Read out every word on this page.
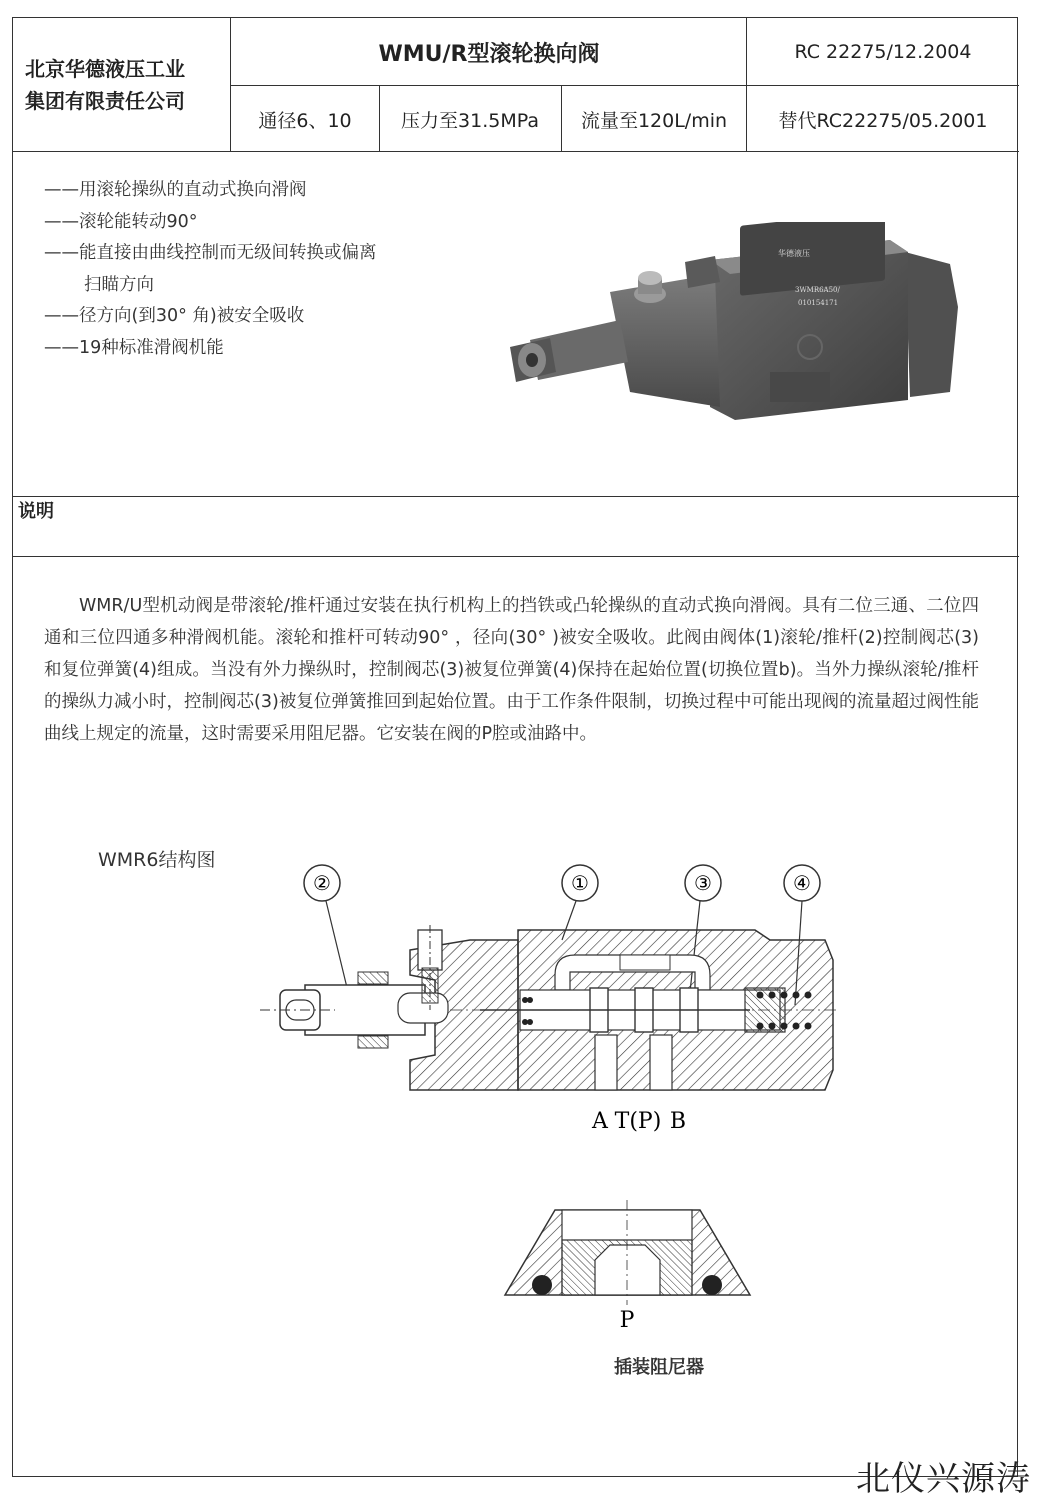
北京华德液压工业
集团有限责任公司
WMU/R型滚轮换向阀	RC 22275/12.2004
通径6、10	压力至31.5MPa	流量至120L/min	替代RC22275/05.2001
——用滚轮操纵的直动式换向滑阀
——滚轮能转动90°
——能直接由曲线控制而无级间转换或偏离
扫瞄方向
——径方向(到30° 角)被安全吸收
——19种标准滑阀机能
华德液压
3WMR6A50/
010154171
说明

WMR/U型机动阀是带滚轮/推杆通过安装在执行机构上的挡铁或凸轮操纵的直动式换向滑阀。具有二位三通、二位四通和三位四通多种滑阀机能。滚轮和推杆可转动90° ，径向(30° )被安全吸收。此阀由阀体(1)滚轮/推杆(2)控制阀芯(3)和复位弹簧(4)组成。当没有外力操纵时，控制阀芯(3)被复位弹簧(4)保持在起始位置(切换位置b)。当外力操纵滚轮/推杆的操纵力减小时，控制阀芯(3)被复位弹簧推回到起始位置。由于工作条件限制，切换过程中可能出现阀的流量超过阀性能曲线上规定的流量，这时需要采用阻尼器。它安装在阀的P腔或油路中。

WMR6结构图
②	①	③	④
A T(P) B
P
插装阻尼器
北仪兴源涛
